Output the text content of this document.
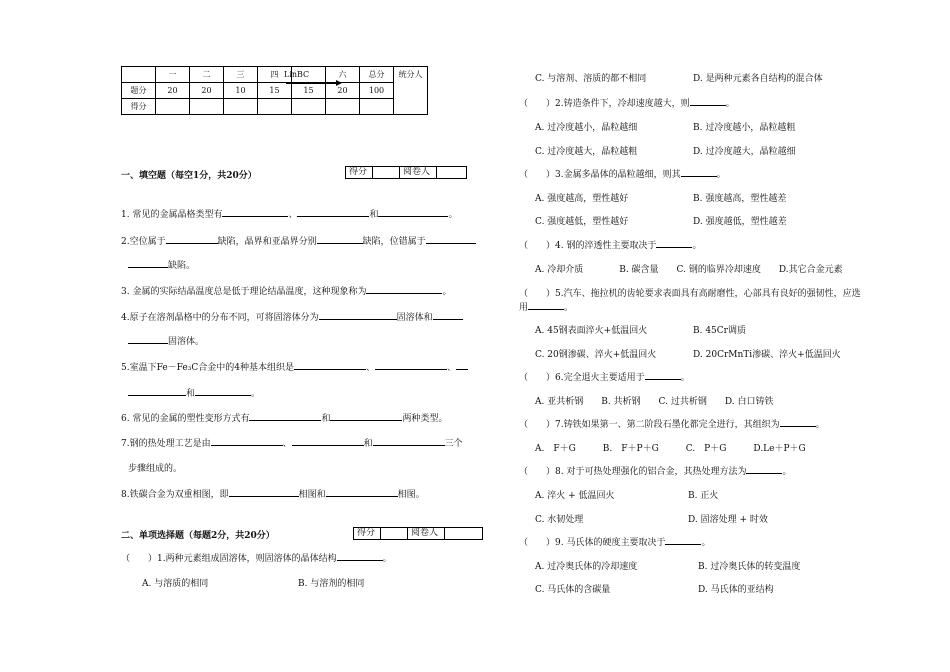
	一	二	三	四		六	总分	统分人
题分	20	20	10	15	15	20	100	
得分								
LinBC
一、填空题（每空1分，共20分）	得分	阅卷人
1. 常见的金属晶格类型有	、	和	。
2.空位属于	缺陷，晶界和亚晶界分别	缺陷，位错属于
缺陷。
3. 金属的实际结晶温度总是低于理论结晶温度，这种现象称为	。
4.原子在溶剂晶格中的分布不同，可将固溶体分为	固溶体和
固溶体。
5.室温下Fe－Fe₃C合金中的4种基本组织是	、	、
和	。
6. 常见的金属的塑性变形方式有	和	两种类型。
7.钢的热处理工艺是由	、	和	三个
步骤组成的。
8.铁碳合金为双重相图，即	相图和	相图。
二、单项选择题（每题2分，共20分）	得分	阅卷人
（　　）1.两种元素组成固溶体，则固溶体的晶体结构	。
A. 与溶质的相同	B. 与溶剂的相同
C. 与溶剂、溶质的都不相同	D. 是两种元素各自结构的混合体
（　　）2.铸造条件下，冷却速度越大，则	。
A. 过冷度越小，晶粒越细	B. 过冷度越小，晶粒越粗
C. 过冷度越大，晶粒越粗	D. 过冷度越大，晶粒越细
（　　）3.金属多晶体的晶粒越细，则其	。
A. 强度越高，塑性越好	B. 强度越高，塑性越差
C. 强度越低，塑性越好	D. 强度越低，塑性越差
（　　）4. 钢的淬透性主要取决于	。
A. 冷却介质　　　　B. 碳含量　　C. 钢的临界冷却速度　　D.其它合金元素
（　　）5.汽车、拖拉机的齿轮要求表面具有高耐磨性，心部具有良好的强韧性，应选
用	。
A. 45钢表面淬火+低温回火	B. 45Cr调质
C. 20钢渗碳、淬火+低温回火	D. 20CrMnTi渗碳、淬火+低温回火
（　　）6.完全退火主要适用于	。
A. 亚共析钢　　B. 共析钢　　C. 过共析钢　　D. 白口铸铁
（　　）7.铸铁如果第一、第二阶段石墨化都完全进行，其组织为	。
A.　F＋G　　　B.　F＋P＋G　　　C.　P＋G　　　D.Le＋P＋G
（　　）8. 对于可热处理强化的铝合金，其热处理方法为	。
A. 淬火 + 低温回火	B. 正火
C. 水韧处理	D. 固溶处理 + 时效
（　　）9. 马氏体的硬度主要取决于	。
A. 过冷奥氏体的冷却速度	B. 过冷奥氏体的转变温度
C. 马氏体的含碳量	D. 马氏体的亚结构
